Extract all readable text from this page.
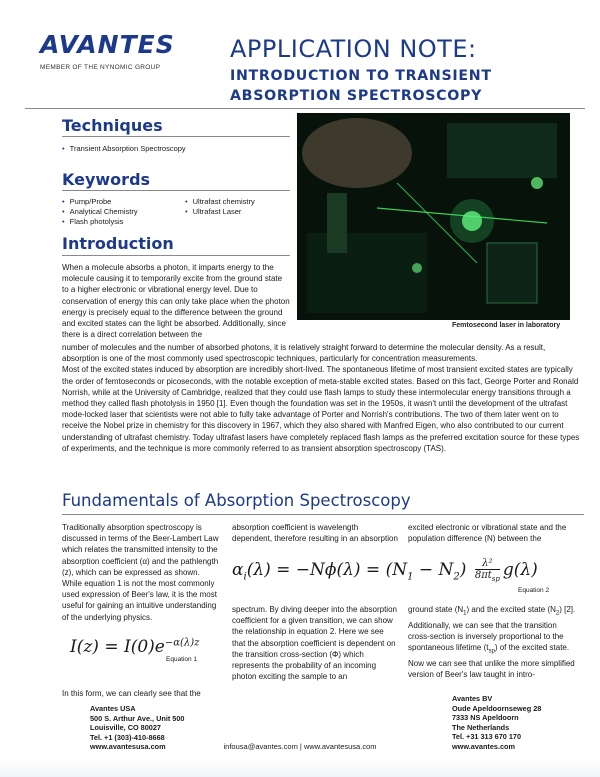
AVANTES
MEMBER OF THE NYNOMIC GROUP
APPLICATION NOTE:
INTRODUCTION TO TRANSIENT
ABSORPTION SPECTROSCOPY
Techniques
• Transient Absorption Spectroscopy
Keywords
• Pump/Probe
• Analytical Chemistry
• Flash photolysis
• Ultrafast chemistry
• Ultrafast Laser
Introduction
When a molecule absorbs a photon, it imparts energy to the molecule causing it to temporarily excite from the ground state to a higher electronic or vibrational energy level. Due to conservation of energy this can only take place when the photon energy is precisely equal to the difference between the ground and excited states can the light be absorbed. Additionally, since there is a direct correlation between the
Femtosecond laser in laboratory
number of molecules and the number of absorbed photons, it is relatively straight forward to determine the molecular density. As a result, absorption is one of the most commonly used spectroscopic techniques, particularly for concentration measurements.
Most of the excited states induced by absorption are incredibly short-lived. The spontaneous lifetime of most transient excited states are typically the order of femtoseconds or picoseconds, with the notable exception of meta-stable excited states. Based on this fact, George Porter and Ronald Norrish, while at the University of Cambridge, realized that they could use flash lamps to study these intermolecular energy transitions through a method they called flash photolysis in 1950 [1]. Even though the foundation was set in the 1950s, it wasn't until the development of the ultrafast mode-locked laser that scientists were not able to fully take advantage of Porter and Norrish's contributions. The two of them later went on to receive the Nobel prize in chemistry for this discovery in 1967, which they also shared with Manfred Eigen, who also contributed to our current understanding of ultrafast chemistry. Today ultrafast lasers have completely replaced flash lamps as the preferred excitation source for these types of experiments, and the technique is more commonly referred to as transient absorption spectroscopy (TAS).
Fundamentals of Absorption Spectroscopy
Traditionally absorption spectroscopy is discussed in terms of the Beer-Lambert Law which relates the transmitted intensity to the absorption coefficient (α) and the pathlength (z), which can be expressed as shown. While equation 1 is not the most commonly used expression of Beer's law, it is the most useful for gaining an intuitive understanding of the underlying physics.
$I(z) = I(0)e^{-\alpha(\lambda)z}$
Equation 1
In this form, we can clearly see that the
absorption coefficient is wavelength dependent, therefore resulting in an absorption
excited electronic or vibrational state and the population difference (N) between the
$\alpha_i(\lambda) = -N\phi(\lambda) = (N_1 - N_2)$	λ²
$8\pi t_{sp}$ g(λ)
Equation 2
spectrum. By diving deeper into the absorption coefficient for a given transition, we can show the relationship in equation 2. Here we see that the absorption coefficient is dependent on the transition cross-section (Φ) which represents the probability of an incoming photon exciting the sample to an
ground state $(N_1)$ and the excited state $(N_2)$ [2]. Additionally, we can see that the transition cross-section is inversely proportional to the spontaneous lifetime $(t_{sp})$ of the excited state.
Now we can see that unlike the more simplified version of Beer's law taught in intro-
Avantes USA
500 S. Arthur Ave., Unit 500
Louisville, CO 80027
Tel. +1 (303)-410-8668
www.avantesusa.com
Avantes BV
Oude Apeldoornseweg 28
7333 NS Apeldoorn
The Netherlands
Tel. +31 313 670 170
www.avantes.com
infousa@avantes.com | www.avantesusa.com
